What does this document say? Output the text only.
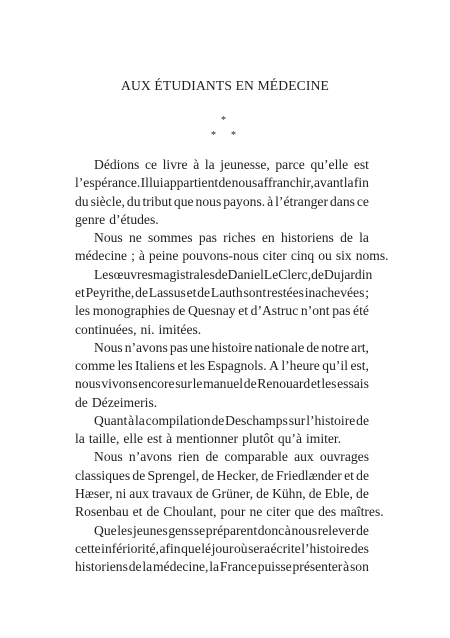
AUX ÉTUDIANTS EN MÉDECINE
*
* *
Dédions ce livre à la jeunesse, parce qu’elle est
l’espérance. Il lui appartient de nous affranchir, avant la fin
du siècle, du tribut que nous payons. à l’étranger dans ce
genre d’études.
Nous ne sommes pas riches en historiens de la
médecine ; à peine pouvons-nous citer cinq ou six noms.
Les œuvres magistrales de Daniel Le Clerc, de Dujardin
et Peyrithe, de Lassus et de Lauth sont restées inachevées ;
les monographies de Quesnay et d’Astruc n’ont pas été
continuées, ni. imitées.
Nous n’avons pas une histoire nationale de notre art,
comme les Italiens et les Espagnols. A l’heure qu’il est,
nous vivons encore sur le manuel de Renouard et les essais
de Dézeimeris.
Quant à la compilation de Deschamps sur l’histoire de
la taille, elle est à mentionner plutôt qu’à imiter.
Nous n’avons rien de comparable aux ouvrages
classiques de Sprengel, de Hecker, de Friedlænder et de
Hæser, ni aux travaux de Grüner, de Kühn, de Eble, de
Rosenbau et de Choulant, pour ne citer que des maîtres.
Que les jeunes gens se préparent donc à nous relever de
cette infériorité, afin que lé jour où sera écrite l’histoire des
historiens de la médecine, la France puisse présenter à son
